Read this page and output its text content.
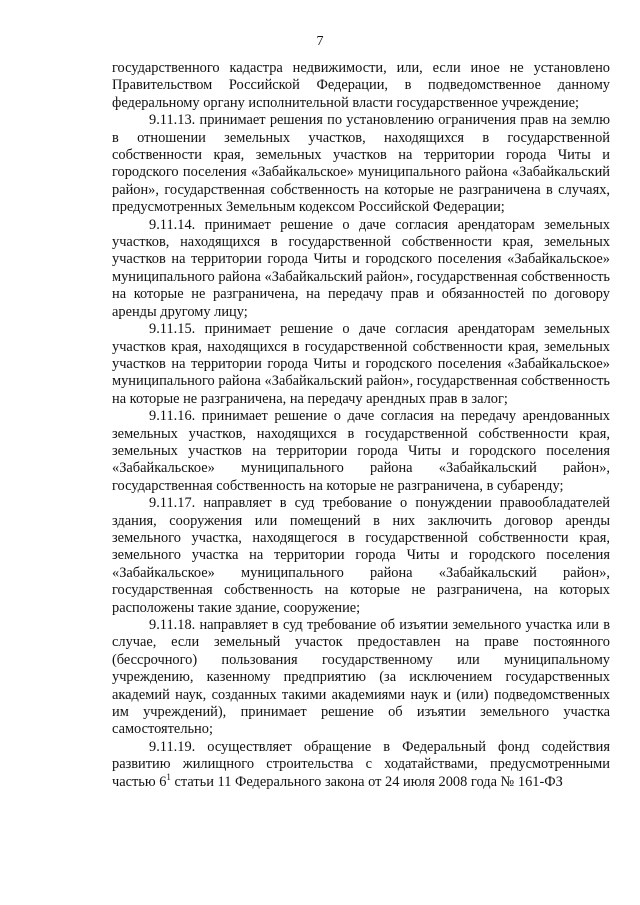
7

государственного кадастра недвижимости, или, если иное не установлено Правительством Российской Федерации, в подведомственное данному федеральному органу исполнительной власти государственное учреждение;

9.11.13. принимает решения по установлению ограничения прав на землю в отношении земельных участков, находящихся в государственной собственности края, земельных участков на территории города Читы и городского поселения «Забайкальское» муниципального района «Забайкальский район», государственная собственность на которые не разграничена в случаях, предусмотренных Земельным кодексом Российской Федерации;

9.11.14. принимает решение о даче согласия арендаторам земельных участков, находящихся в государственной собственности края, земельных участков на территории города Читы и городского поселения «Забайкальское» муниципального района «Забайкальский район», государственная собственность на которые не разграничена, на передачу прав и обязанностей по договору аренды другому лицу;

9.11.15. принимает решение о даче согласия арендаторам земельных участков края, находящихся в государственной собственности края, земельных участков на территории города Читы и городского поселения «Забайкальское» муниципального района «Забайкальский район», государственная собственность на которые не разграничена, на передачу арендных прав в залог;

9.11.16. принимает решение о даче согласия на передачу арендованных земельных участков, находящихся в государственной собственности края, земельных участков на территории города Читы и городского поселения «Забайкальское» муниципального района «Забайкальский район», государственная собственность на которые не разграничена, в субаренду;

9.11.17. направляет в суд требование о понуждении правообладателей здания, сооружения или помещений в них заключить договор аренды земельного участка, находящегося в государственной собственности края, земельного участка на территории города Читы и городского поселения «Забайкальское» муниципального района «Забайкальский район», государственная собственность на которые не разграничена, на которых расположены такие здание, сооружение;

9.11.18. направляет в суд требование об изъятии земельного участка или в случае, если земельный участок предоставлен на праве постоянного (бессрочного) пользования государственному или муниципальному учреждению, казенному предприятию (за исключением государственных академий наук, созданных такими академиями наук и (или) подведомственных им учреждений), принимает решение об изъятии земельного участка самостоятельно;

9.11.19. осуществляет обращение в Федеральный фонд содействия развитию жилищного строительства с ходатайствами, предусмотренными частью $6^1$ статьи 11 Федерального закона от 24 июля 2008 года № 161-ФЗ
